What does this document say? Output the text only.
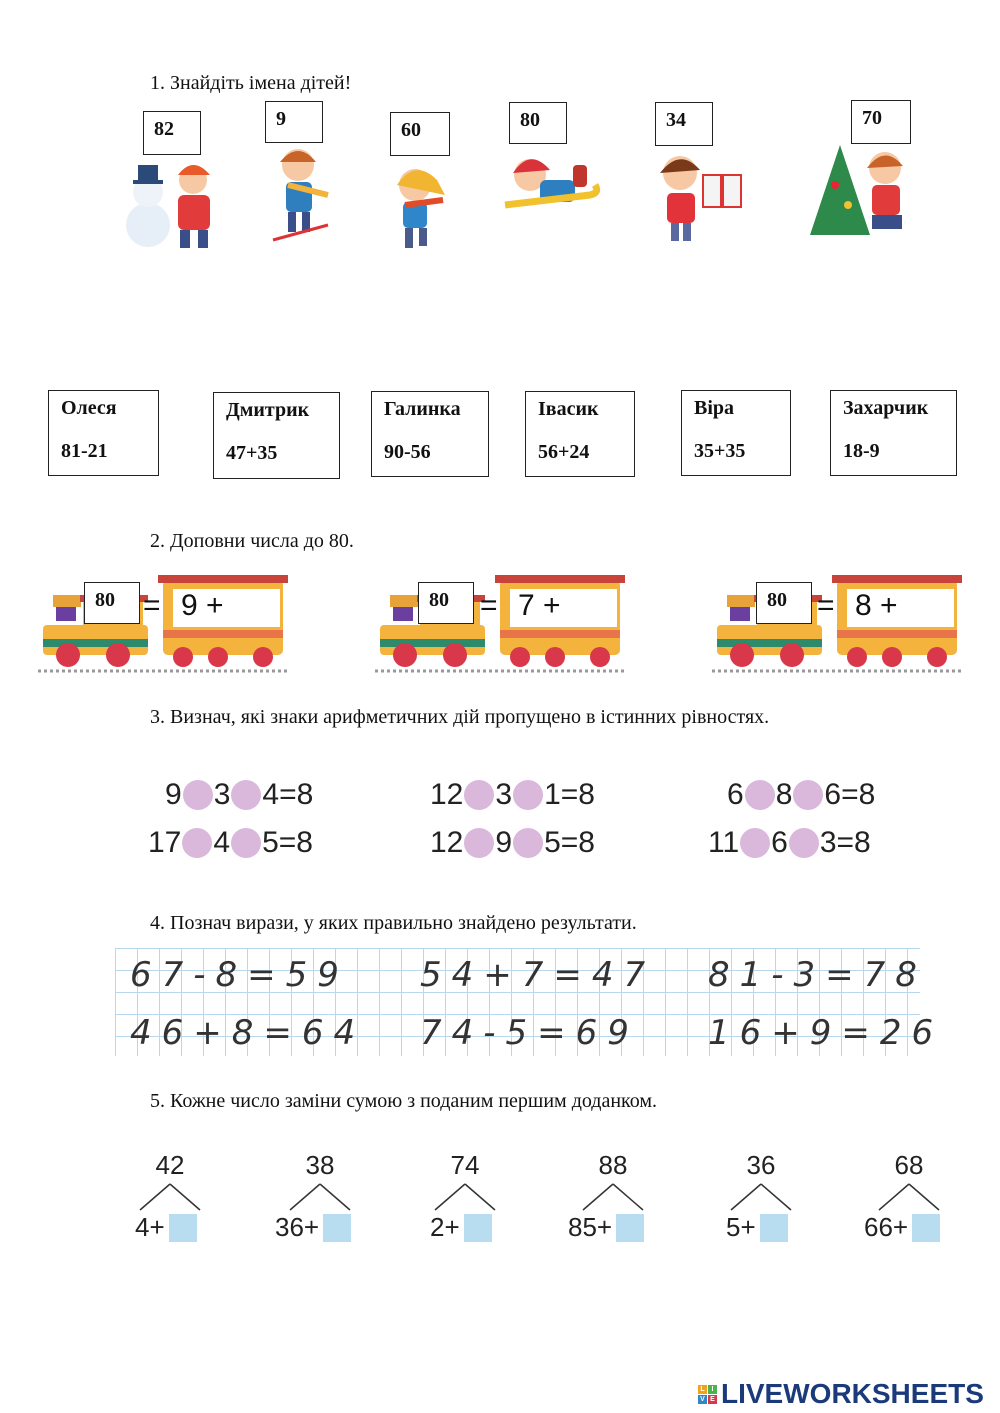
1. Знайдіть імена дітей!
82	9	60	80	34	70
Олеся
81-21
Дмитрик
47+35
Галинка
90-56
Івасик
56+24
Віра
35+35
Захарчик
18-9
2. Доповни числа до 80.
= 9 +
80	= 7 +
80	= 8 +
80
3. Визнач, які знаки арифметичних дій пропущено в істинних рівностях.
9 3 4 =8	12 3 1 =8	6 8 6 =8
17 4 5 =8	12 9 5 =8	11 6 3 =8
4. Познач вирази, у яких правильно знайдено результати.
67-8=59 54+7=47 81-3=78
46+8=64 74-5=69 16+9=26
5. Кожне число заміни сумою з поданим першим доданком.
42
4 +
38
36 +
74
2 +
88
85 +
36
5 +
68
66 +
L I
V E LIVEWORKSHEETS
